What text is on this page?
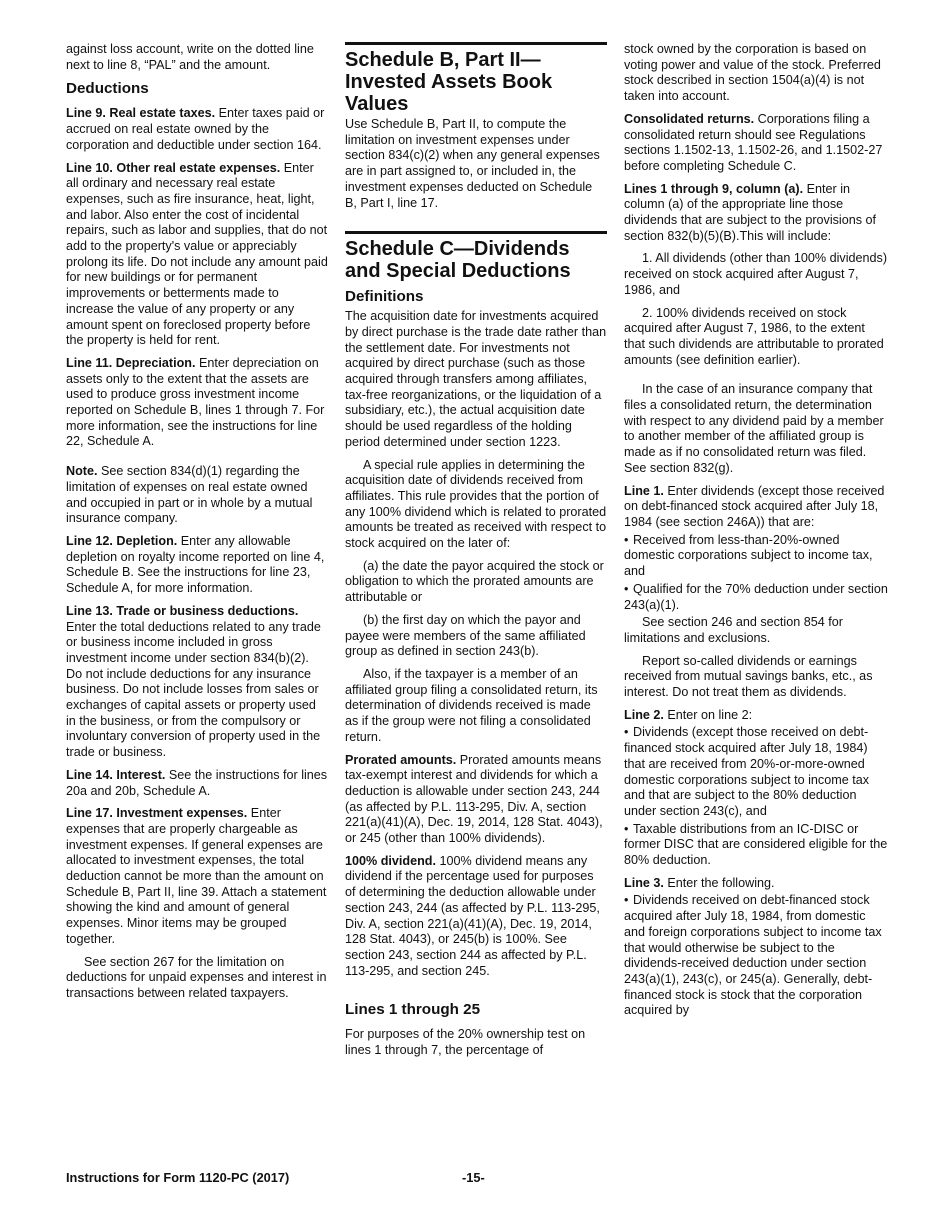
against loss account, write on the dotted line next to line 8, “PAL” and the amount.

Deductions

Line 9. Real estate taxes. Enter taxes paid or accrued on real estate owned by the corporation and deductible under section 164.

Line 10. Other real estate expenses. Enter all ordinary and necessary real estate expenses, such as fire insurance, heat, light, and labor. Also enter the cost of incidental repairs, such as labor and supplies, that do not add to the property's value or appreciably prolong its life. Do not include any amount paid for new buildings or for permanent improvements or betterments made to increase the value of any property or any amount spent on foreclosed property before the property is held for rent.

Line 11. Depreciation. Enter depreciation on assets only to the extent that the assets are used to produce gross investment income reported on Schedule B, lines 1 through 7. For more information, see the instructions for line 22, Schedule A.

Note. See section 834(d)(1) regarding the limitation of expenses on real estate owned and occupied in part or in whole by a mutual insurance company.

Line 12. Depletion. Enter any allowable depletion on royalty income reported on line 4, Schedule B. See the instructions for line 23, Schedule A, for more information.

Line 13. Trade or business deductions. Enter the total deductions related to any trade or business income included in gross investment income under section 834(b)(2). Do not include deductions for any insurance business. Do not include losses from sales or exchanges of capital assets or property used in the business, or from the compulsory or involuntary conversion of property used in the trade or business.

Line 14. Interest. See the instructions for lines 20a and 20b, Schedule A.

Line 17. Investment expenses. Enter expenses that are properly chargeable as investment expenses. If general expenses are allocated to investment expenses, the total deduction cannot be more than the amount on Schedule B, Part II, line 39. Attach a statement showing the kind and amount of general expenses. Minor items may be grouped together.

See section 267 for the limitation on deductions for unpaid expenses and interest in transactions between related taxpayers.

Schedule B, Part II—Invested Assets Book Values

Use Schedule B, Part II, to compute the limitation on investment expenses under section 834(c)(2) when any general expenses are in part assigned to, or included in, the investment expenses deducted on Schedule B, Part I, line 17.

Schedule C—Dividends and Special Deductions
Definitions

The acquisition date for investments acquired by direct purchase is the trade date rather than the settlement date. For investments not acquired by direct purchase (such as those acquired through transfers among affiliates, tax-free reorganizations, or the liquidation of a subsidiary, etc.), the actual acquisition date should be used regardless of the holding period determined under section 1223.

A special rule applies in determining the acquisition date of dividends received from affiliates. This rule provides that the portion of any 100% dividend which is related to prorated amounts be treated as received with respect to stock acquired on the later of:

(a) the date the payor acquired the stock or obligation to which the prorated amounts are attributable or

(b) the first day on which the payor and payee were members of the same affiliated group as defined in section 243(b).

Also, if the taxpayer is a member of an affiliated group filing a consolidated return, its determination of dividends received is made as if the group were not filing a consolidated return.

Prorated amounts. Prorated amounts means tax-exempt interest and dividends for which a deduction is allowable under section 243, 244 (as affected by P.L. 113-295, Div. A, section 221(a)(41)(A), Dec. 19, 2014, 128 Stat. 4043), or 245 (other than 100% dividends).

100% dividend. 100% dividend means any dividend if the percentage used for purposes of determining the deduction allowable under section 243, 244 (as affected by P.L. 113-295, Div. A, section 221(a)(41)(A), Dec. 19, 2014, 128 Stat. 4043), or 245(b) is 100%. See section 243, section 244 as affected by P.L. 113-295, and section 245.

Lines 1 through 25

For purposes of the 20% ownership test on lines 1 through 7, the percentage of

stock owned by the corporation is based on voting power and value of the stock. Preferred stock described in section 1504(a)(4) is not taken into account.

Consolidated returns. Corporations filing a consolidated return should see Regulations sections 1.1502-13, 1.1502-26, and 1.1502-27 before completing Schedule C.

Lines 1 through 9, column (a). Enter in column (a) of the appropriate line those dividends that are subject to the provisions of section 832(b)(5)(B).This will include:

1. All dividends (other than 100% dividends) received on stock acquired after August 7, 1986, and

2. 100% dividends received on stock acquired after August 7, 1986, to the extent that such dividends are attributable to prorated amounts (see definition earlier).

In the case of an insurance company that files a consolidated return, the determination with respect to any dividend paid by a member to another member of the affiliated group is made as if no consolidated return was filed. See section 832(g).

Line 1. Enter dividends (except those received on debt-financed stock acquired after July 18, 1984 (see section 246A)) that are:

• Received from less-than-20%-owned domestic corporations subject to income tax, and

• Qualified for the 70% deduction under section 243(a)(1).

See section 246 and section 854 for limitations and exclusions.

Report so-called dividends or earnings received from mutual savings banks, etc., as interest. Do not treat them as dividends.

Line 2. Enter on line 2:

• Dividends (except those received on debt-financed stock acquired after July 18, 1984) that are received from 20%-or-more-owned domestic corporations subject to income tax and that are subject to the 80% deduction under section 243(c), and

• Taxable distributions from an IC-DISC or former DISC that are considered eligible for the 80% deduction.

Line 3. Enter the following.

• Dividends received on debt-financed stock acquired after July 18, 1984, from domestic and foreign corporations subject to income tax that would otherwise be subject to the dividends-received deduction under section 243(a)(1), 243(c), or 245(a). Generally, debt-financed stock is stock that the corporation acquired by

Instructions for Form 1120-PC (2017)	-15-
